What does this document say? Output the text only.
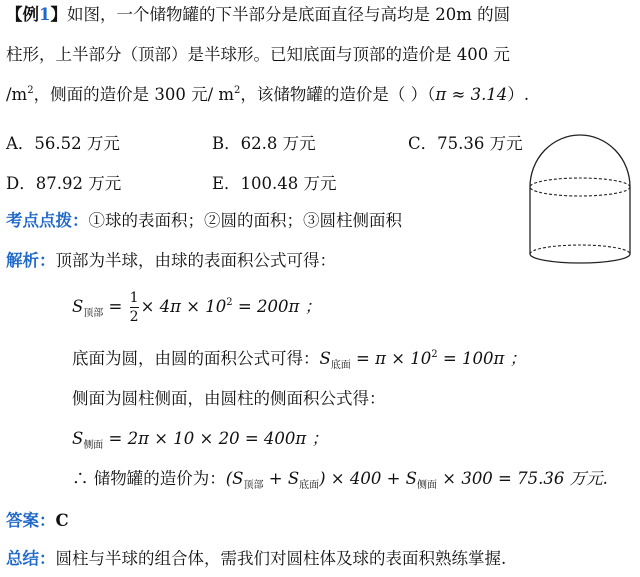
【例1】如图，一个储物罐的下半部分是底面直径与高均是 20m 的圆
柱形，上半部分（顶部）是半球形。已知底面与顶部的造价是 400 元
$/m^2$，侧面的造价是 300 元/ $m^2$，该储物罐的造价是（ ）（π ≈ 3.14）.
A．56.52 万元	B．62.8 万元	C．75.36 万元
D．87.92 万元	E．100.48 万元
考点点拨：①球的表面积；②圆的面积；③圆柱侧面积
解析：顶部为半球，由球的表面积公式可得：
$S_{顶部} = \frac{1}{2} \times 4\pi \times 10^2 = 200\pi$ ；
底面为圆，由圆的面积公式可得：$S_{底面} = \pi \times 10^2 = 100\pi$ ；
侧面为圆柱侧面，由圆柱的侧面积公式得：
$S_{侧面} = 2\pi \times 10 \times 20 = 400\pi$ ；
∴ 储物罐的造价为：$(S_{顶部} + S_{底面}) \times 400 + S_{侧面} \times 300 = 75.36$ 万元.
答案：C
总结：圆柱与半球的组合体，需我们对圆柱体及球的表面积熟练掌握.
